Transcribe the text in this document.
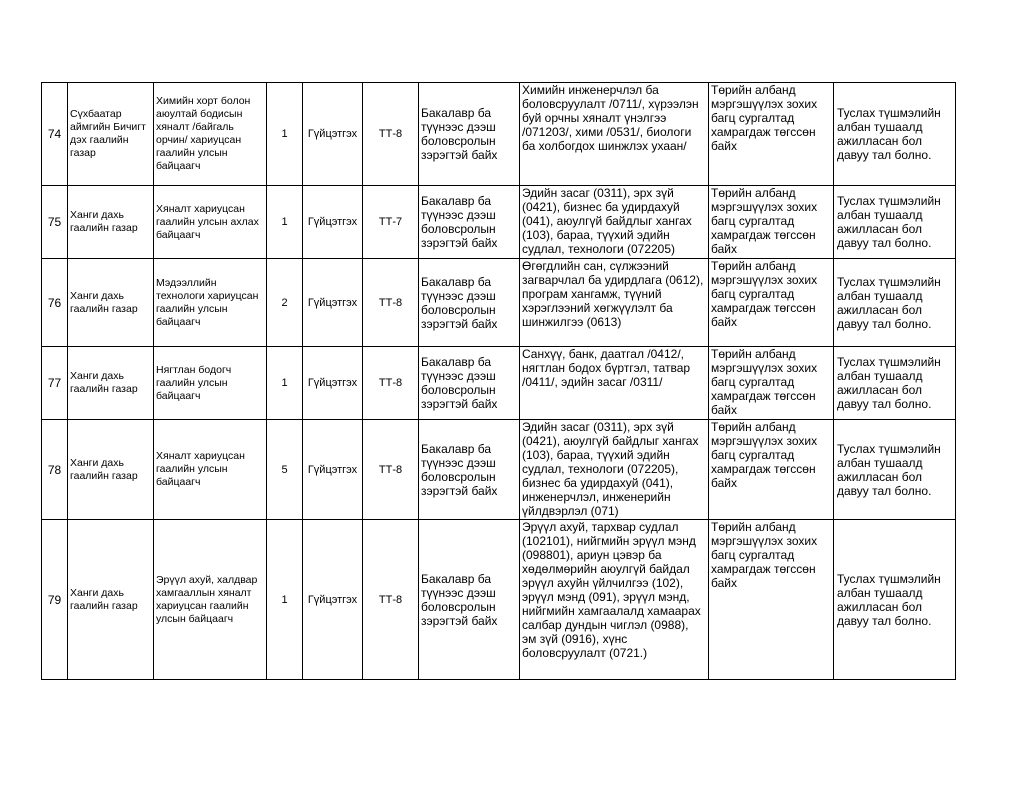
74	Сүхбаатар аймгийн Бичигт дэх гаалийн газар	Химийн хорт болон аюултай бодисын хяналт /байгаль орчин/ хариуцсан гаалийн улсын байцаагч	1	Гүйцэтгэх	ТТ-8	Бакалавр ба түүнээс дээш боловсролын зэрэгтэй байх	Химийн инженерчлэл ба боловсруулалт /0711/, хүрээлэн буй орчны хяналт үнэлгээ /071203/, хими /0531/, биологи ба холбогдох шинжлэх ухаан/	Төрийн албанд мэргэшүүлэх зохих багц сургалтад хамрагдаж төгссөн байх	Туслах түшмэлийн албан тушаалд ажилласан бол давуу тал болно.
75	Ханги дахь гаалийн газар	Хяналт хариуцсан гаалийн улсын ахлах байцаагч	1	Гүйцэтгэх	ТТ-7	Бакалавр ба түүнээс дээш боловсролын зэрэгтэй байх	Эдийн засаг (0311), эрх зүй (0421), бизнес ба удирдахуй (041), аюулгүй байдлыг хангах (103), бараа, түүхий эдийн судлал, технологи (072205)	Төрийн албанд мэргэшүүлэх зохих багц сургалтад хамрагдаж төгссөн байх	Туслах түшмэлийн албан тушаалд ажилласан бол давуу тал болно.
76	Ханги дахь гаалийн газар	Мэдээллийн технологи хариуцсан гаалийн улсын байцаагч	2	Гүйцэтгэх	ТТ-8	Бакалавр ба түүнээс дээш боловсролын зэрэгтэй байх	Өгөгдлийн сан, сүлжээний загварчлал ба удирдлага (0612), програм хангамж, түүний хэрэглээний хөгжүүлэлт ба шинжилгээ (0613)	Төрийн албанд мэргэшүүлэх зохих багц сургалтад хамрагдаж төгссөн байх	Туслах түшмэлийн албан тушаалд ажилласан бол давуу тал болно.
77	Ханги дахь гаалийн газар	Нягтлан бодогч гаалийн улсын байцаагч	1	Гүйцэтгэх	ТТ-8	Бакалавр ба түүнээс дээш боловсролын зэрэгтэй байх	Санхүү, банк, даатгал /0412/, нягтлан бодох бүртгэл, татвар /0411/, эдийн засаг /0311/	Төрийн албанд мэргэшүүлэх зохих багц сургалтад хамрагдаж төгссөн байх	Туслах түшмэлийн албан тушаалд ажилласан бол давуу тал болно.
78	Ханги дахь гаалийн газар	Хяналт хариуцсан гаалийн улсын байцаагч	5	Гүйцэтгэх	ТТ-8	Бакалавр ба түүнээс дээш боловсролын зэрэгтэй байх	Эдийн засаг (0311), эрх зүй (0421), аюулгүй байдлыг хангах (103), бараа, түүхий эдийн судлал, технологи (072205), бизнес ба удирдахуй (041), инженерчлэл, инженерийн үйлдвэрлэл (071)	Төрийн албанд мэргэшүүлэх зохих багц сургалтад хамрагдаж төгссөн байх	Туслах түшмэлийн албан тушаалд ажилласан бол давуу тал болно.
79	Ханги дахь гаалийн газар	Эрүүл ахуй, халдвар хамгааллын хяналт хариуцсан гаалийн улсын байцаагч	1	Гүйцэтгэх	ТТ-8	Бакалавр ба түүнээс дээш боловсролын зэрэгтэй байх	Эрүүл ахуй, тархвар судлал (102101), нийгмийн эрүүл мэнд (098801), ариун цэвэр ба хөдөлмөрийн аюулгүй байдал эрүүл ахуйн үйлчилгээ (102), эрүүл мэнд (091), эрүүл мэнд, нийгмийн хамгаалалд хамаарах салбар дундын чиглэл (0988), эм зүй (0916), хүнс боловсруулалт (0721.)	Төрийн албанд мэргэшүүлэх зохих багц сургалтад хамрагдаж төгссөн байх	Туслах түшмэлийн албан тушаалд ажилласан бол давуу тал болно.
